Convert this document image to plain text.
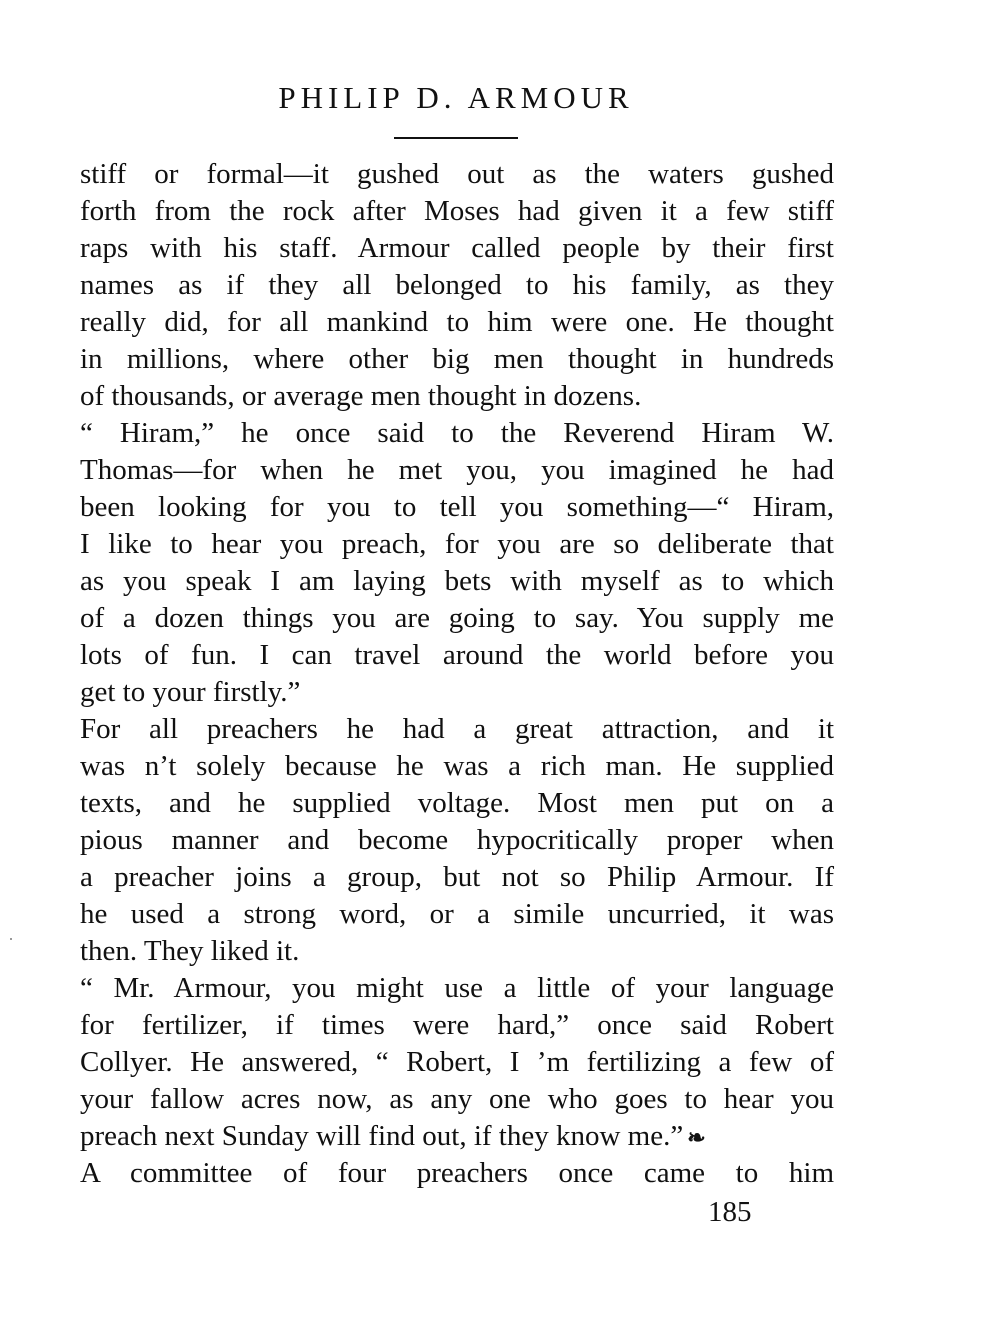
PHILIP D. ARMOUR
stiff or formal—it gushed out as the waters gushed
forth from the rock after Moses had given it a few stiff
raps with his staff. Armour called people by their first
names as if they all belonged to his family, as they
really did, for all mankind to him were one. He thought
in millions, where other big men thought in hundreds
of thousands, or average men thought in dozens.
“ Hiram,” he once said to the Reverend Hiram W.
Thomas—for when he met you, you imagined he had
been looking for you to tell you something—“ Hiram,
I like to hear you preach, for you are so deliberate that
as you speak I am laying bets with myself as to which
of a dozen things you are going to say. You supply me
lots of fun. I can travel around the world before you
get to your firstly.”
For all preachers he had a great attraction, and it
was n’t solely because he was a rich man. He supplied
texts, and he supplied voltage. Most men put on a
pious manner and become hypocritically proper when
a preacher joins a group, but not so Philip Armour. If
he used a strong word, or a simile uncurried, it was
then. They liked it.
“ Mr. Armour, you might use a little of your language
for fertilizer, if times were hard,” once said Robert
Collyer. He answered, “ Robert, I ’m fertilizing a few of
your fallow acres now, as any one who goes to hear you
preach next Sunday will find out, if they know me.” ❧
A committee of four preachers once came to him
185
